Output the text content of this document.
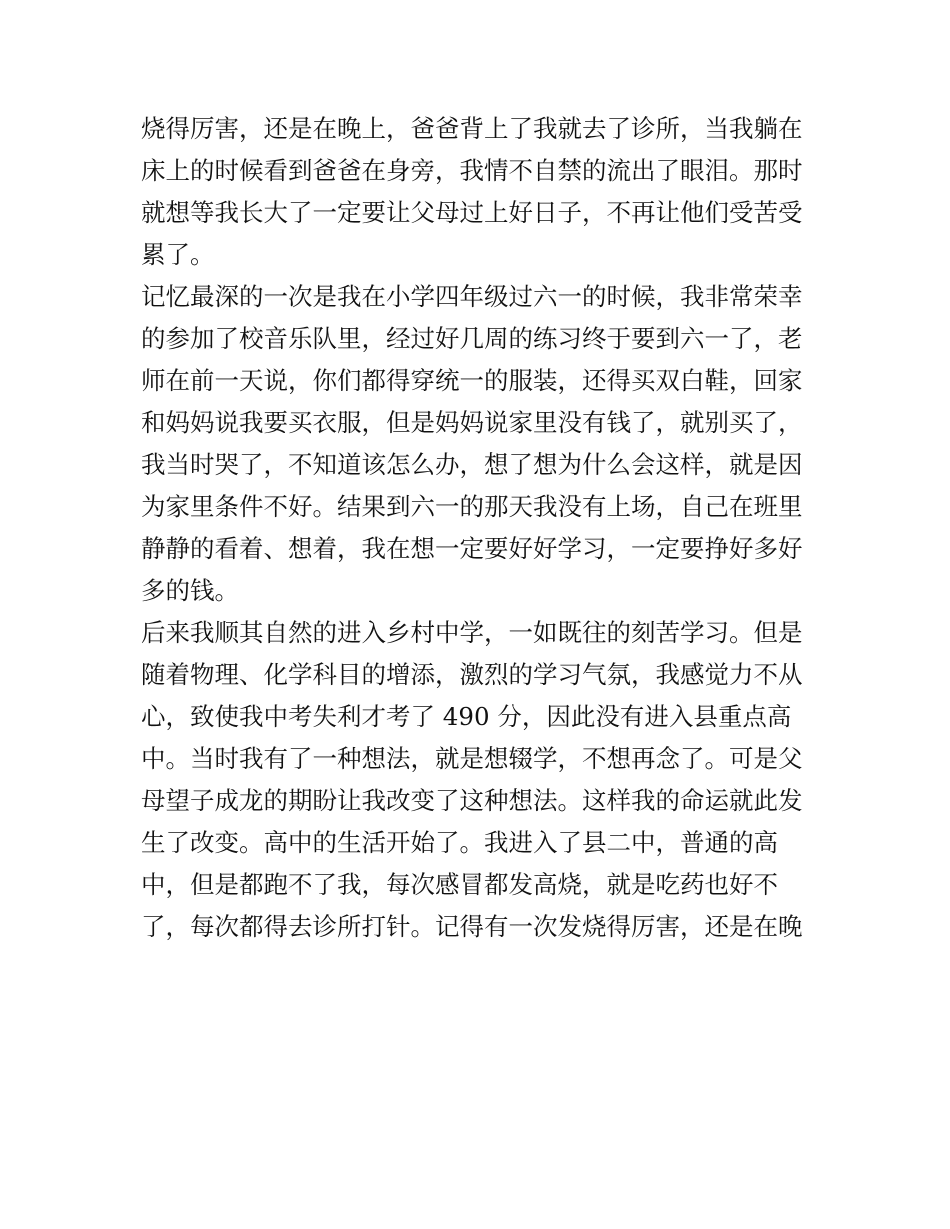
烧得厉害，还是在晚上，爸爸背上了我就去了诊所，当我躺在
床上的时候看到爸爸在身旁，我情不自禁的流出了眼泪。那时
就想等我长大了一定要让父母过上好日子，不再让他们受苦受
累了。
记忆最深的一次是我在小学四年级过六一的时候，我非常荣幸
的参加了校音乐队里，经过好几周的练习终于要到六一了，老
师在前一天说，你们都得穿统一的服装，还得买双白鞋，回家
和妈妈说我要买衣服，但是妈妈说家里没有钱了，就别买了，
我当时哭了，不知道该怎么办，想了想为什么会这样，就是因
为家里条件不好。结果到六一的那天我没有上场，自己在班里
静静的看着、想着，我在想一定要好好学习，一定要挣好多好
多的钱。
后来我顺其自然的进入乡村中学，一如既往的刻苦学习。但是
随着物理、化学科目的增添，激烈的学习气氛，我感觉力不从
心，致使我中考失利才考了 490 分，因此没有进入县重点高
中。当时我有了一种想法，就是想辍学，不想再念了。可是父
母望子成龙的期盼让我改变了这种想法。这样我的命运就此发
生了改变。高中的生活开始了。我进入了县二中，普通的高
中，但是都跑不了我，每次感冒都发高烧，就是吃药也好不
了，每次都得去诊所打针。记得有一次发烧得厉害，还是在晚
